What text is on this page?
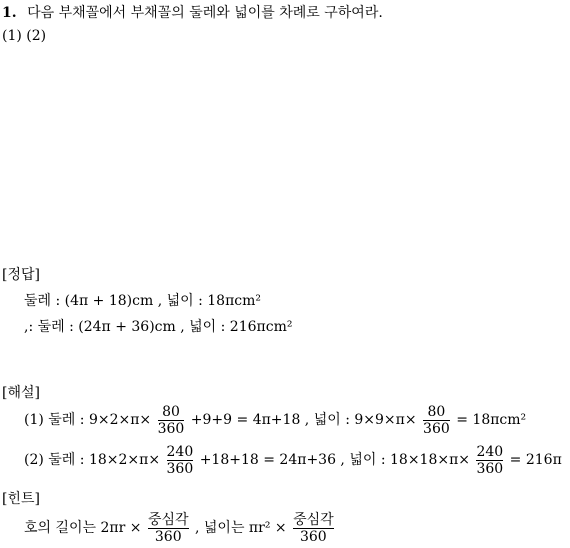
1. 다음 부채꼴에서 부채꼴의 둘레와 넓이를 차례로 구하여라.
(1) (2)
[정답]
둘레 : (4π + 18)cm , 넓이 : 18πcm²
,: 둘레 : (24π + 36)cm , 넓이 : 216πcm²
[해설]
(1) 둘레 : $9\times 2\times\pi\times \frac{80}{360} +9+9 = 4\pi+18$ , 넓이 : $9\times 9\times\pi\times \frac{80}{360} = 18\pi cm^2$
(2) 둘레 : $18\times 2\times\pi\times \frac{240}{360} +18+18 = 24\pi+36$ , 넓이 : $18\times 18\times\pi\times \frac{240}{360} = 216\pi$
[힌트]
호의 길이는 $2\pi r \times \frac{\text{중심각}}{360}$ , 넓이는 $\pi r^2 \times \frac{\text{중심각}}{360}$
